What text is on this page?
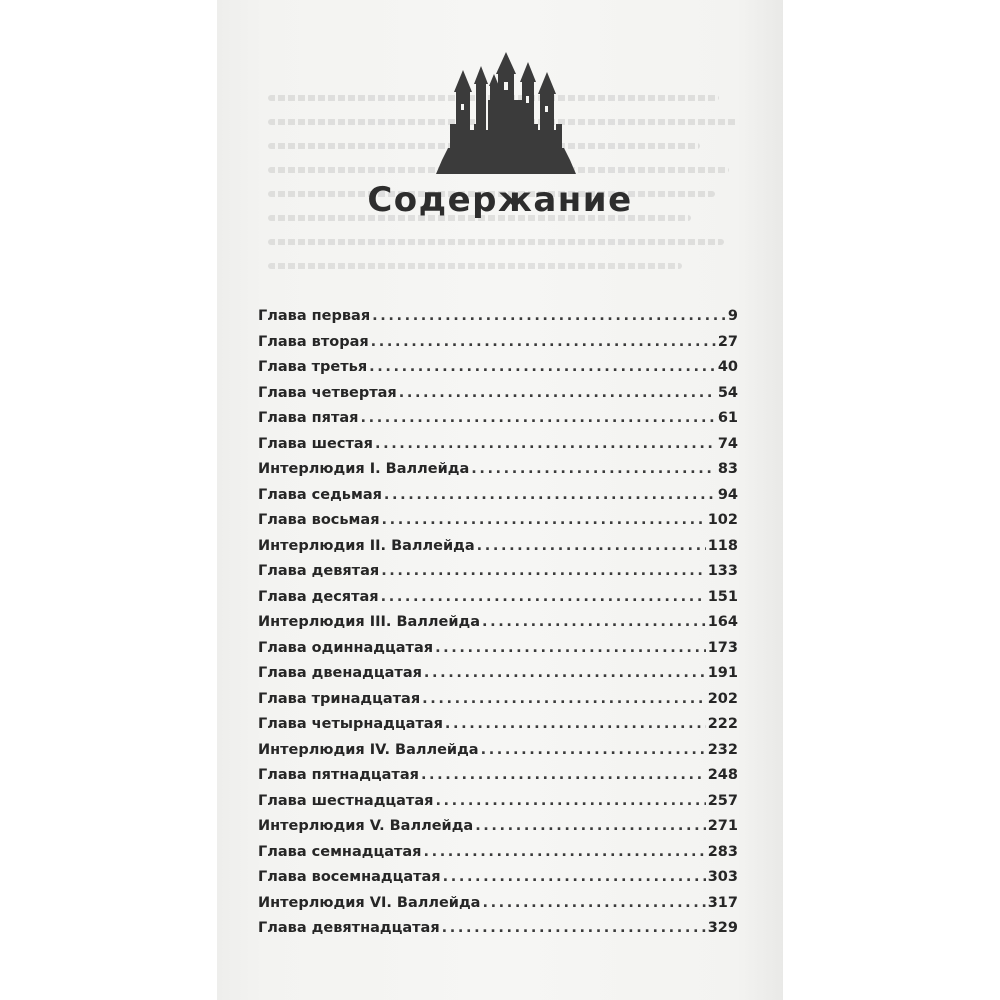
Содержание
Глава первая .....	9
Глава вторая .....	27
Глава третья .....	40
Глава четвертая .....	54
Глава пятая .....	61
Глава шестая .....	74
Интерлюдия I. Валлейда .....	83
Глава седьмая .....	94
Глава восьмая .....	102
Интерлюдия II. Валлейда .....	118
Глава девятая .....	133
Глава десятая .....	151
Интерлюдия III. Валлейда .....	164
Глава одиннадцатая .....	173
Глава двенадцатая .....	191
Глава тринадцатая .....	202
Глава четырнадцатая .....	222
Интерлюдия IV. Валлейда .....	232
Глава пятнадцатая .....	248
Глава шестнадцатая .....	257
Интерлюдия V. Валлейда .....	271
Глава семнадцатая .....	283
Глава восемнадцатая .....	303
Интерлюдия VI. Валлейда .....	317
Глава девятнадцатая .....	329
